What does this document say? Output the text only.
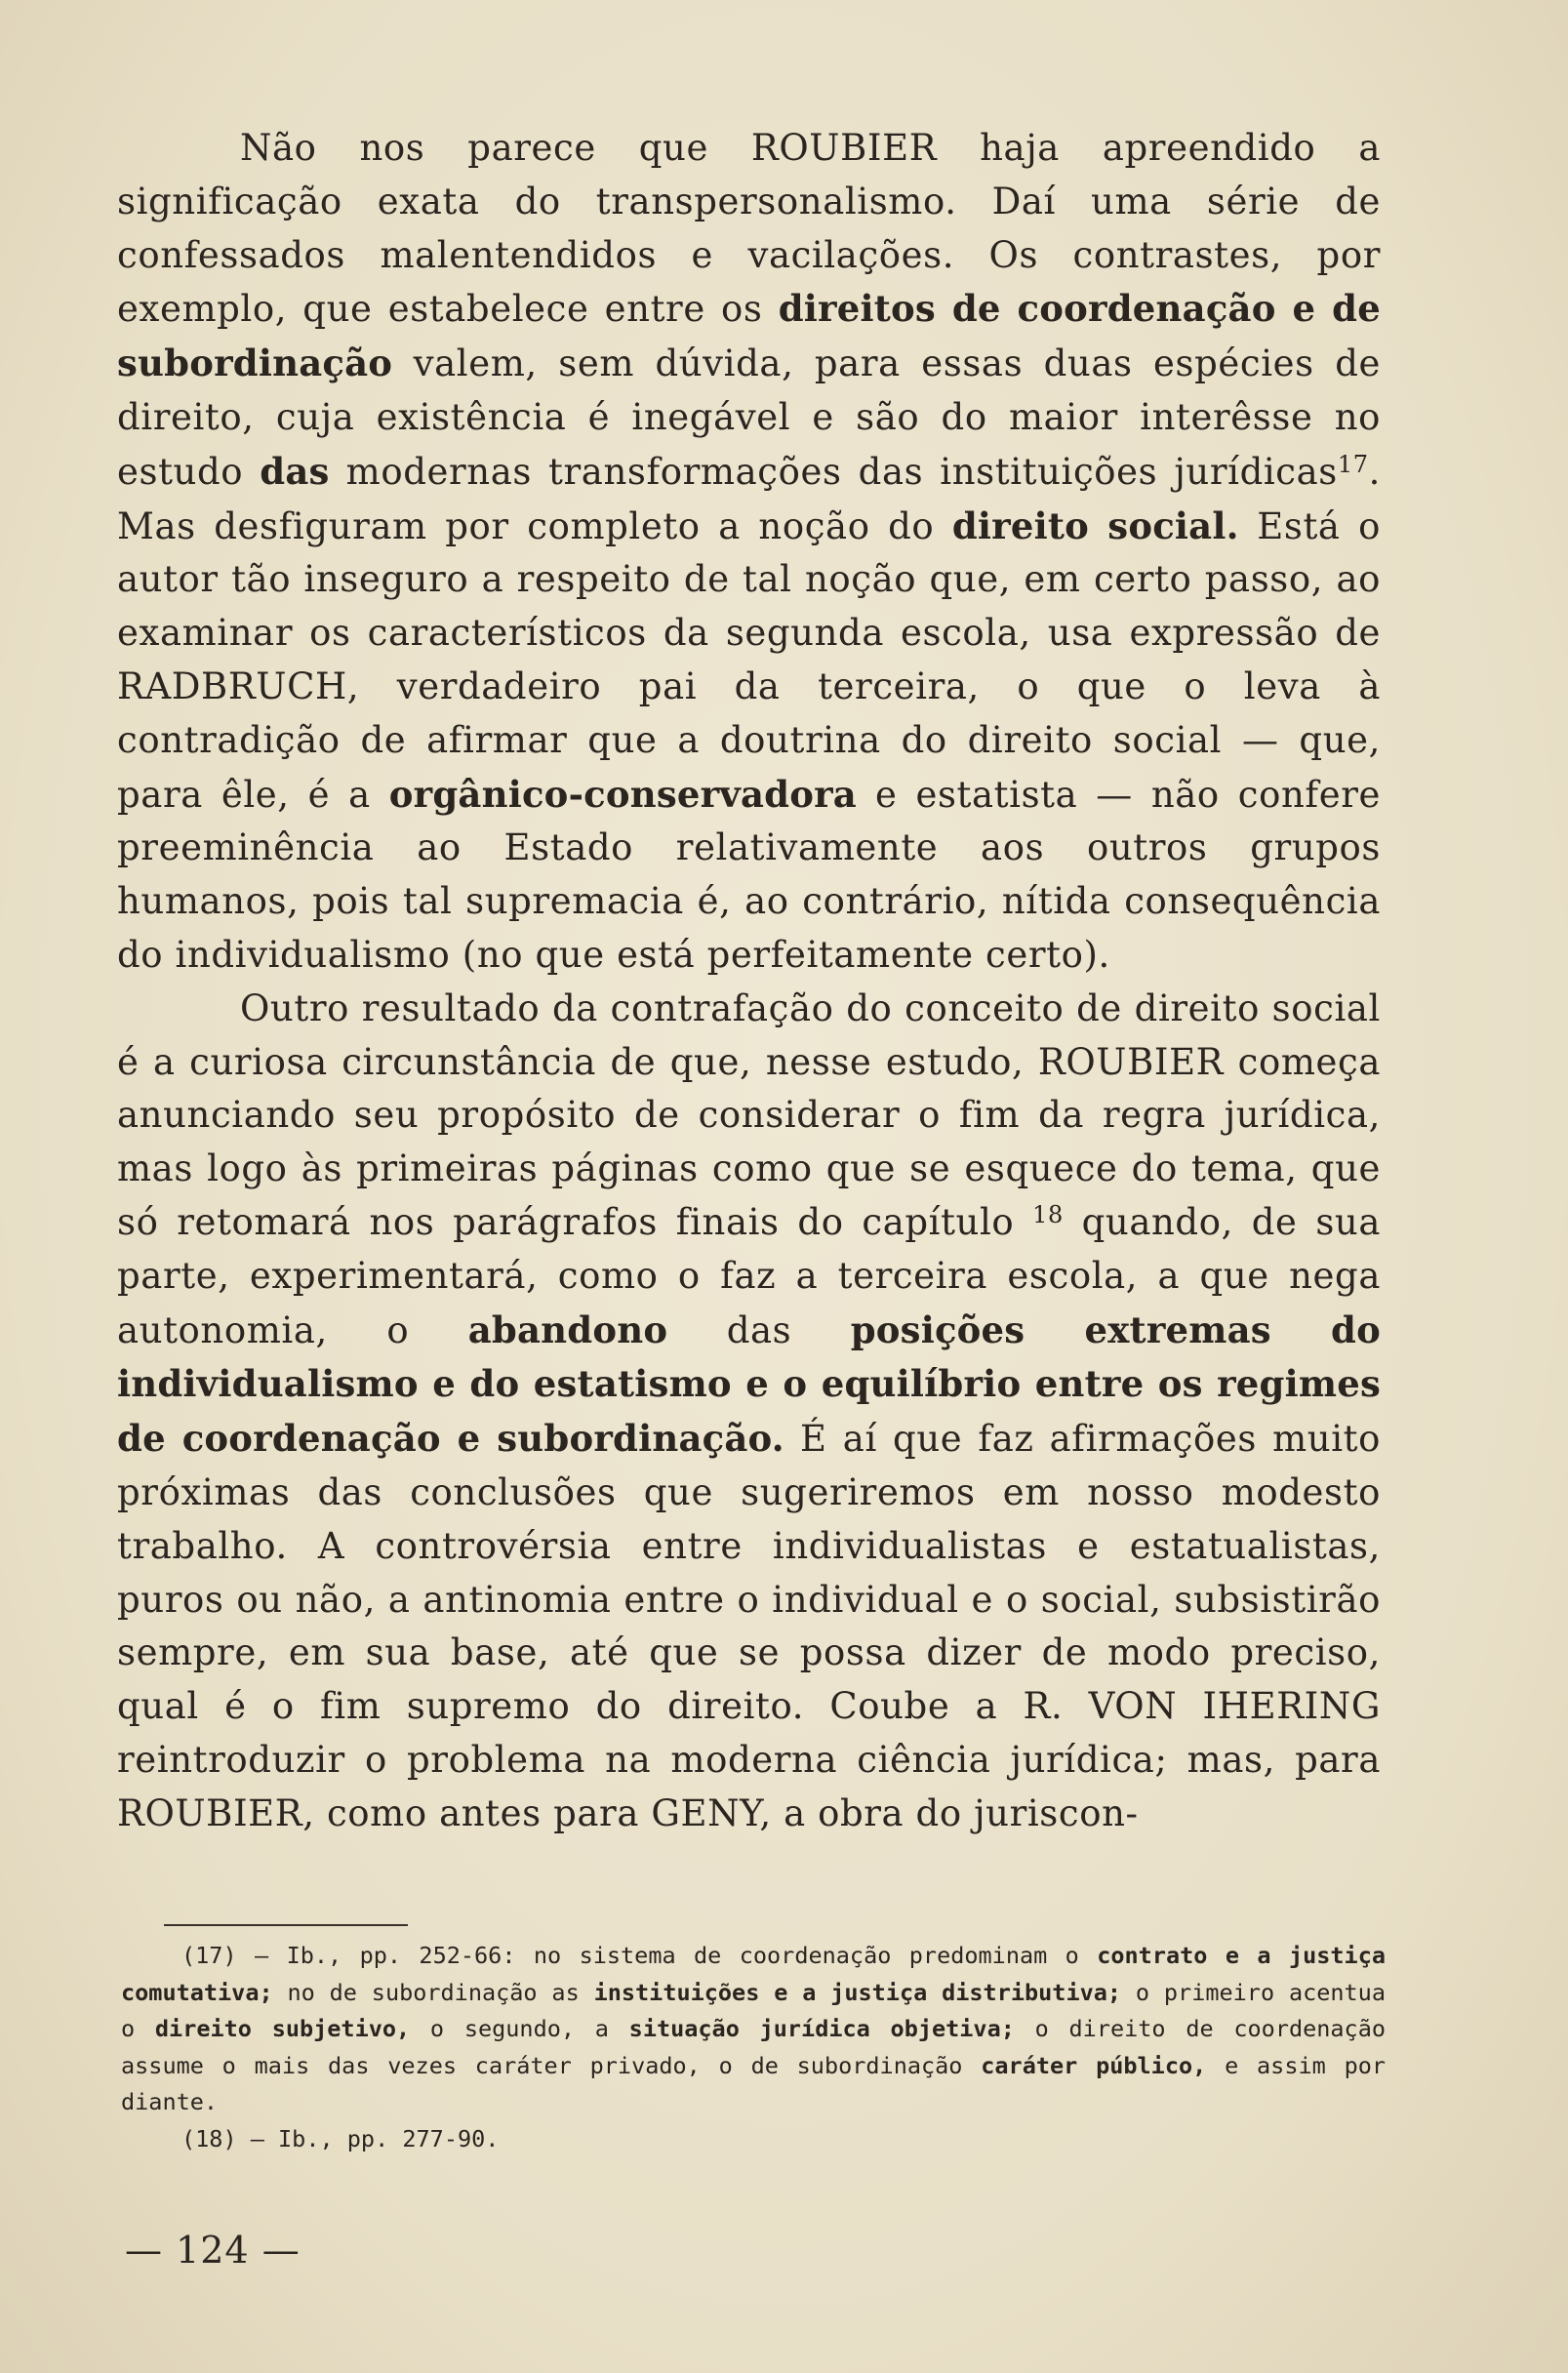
Não nos parece que ROUBIER haja apreendido a significação exata do transpersonalismo. Daí uma série de confessados malentendidos e vacilações. Os contrastes, por exemplo, que estabelece entre os direitos de coordenação e de subordinação valem, sem dúvida, para essas duas espécies de direito, cuja existência é inegável e são do maior interêsse no estudo das modernas transformações das instituições jurídicas$^{17}$. Mas desfiguram por completo a noção do direito social. Está o autor tão inseguro a respeito de tal noção que, em certo passo, ao examinar os característicos da segunda escola, usa expressão de RADBRUCH, verdadeiro pai da terceira, o que o leva à contradição de afirmar que a doutrina do direito social — que, para êle, é a orgânico-conservadora e estatista — não confere preeminência ao Estado relativamente aos outros grupos humanos, pois tal supremacia é, ao contrário, nítida consequência do individualismo (no que está perfeitamente certo).

Outro resultado da contrafação do conceito de direito social é a curiosa circunstância de que, nesse estudo, ROUBIER começa anunciando seu propósito de considerar o fim da regra jurídica, mas logo às primeiras páginas como que se esquece do tema, que só retomará nos parágrafos finais do capítulo $^{18}$ quando, de sua parte, experimentará, como o faz a terceira escola, a que nega autonomia, o abandono das posições extremas do individualismo e do estatismo e o equilíbrio entre os regimes de coordenação e subordinação. É aí que faz afirmações muito próximas das conclusões que sugeriremos em nosso modesto trabalho. A controvérsia entre individualistas e estatualistas, puros ou não, a antinomia entre o individual e o social, subsistirão sempre, em sua base, até que se possa dizer de modo preciso, qual é o fim supremo do direito. Coube a R. VON IHERING reintroduzir o problema na moderna ciência jurídica; mas, para ROUBIER, como antes para GENY, a obra do juriscon-

(17) — Ib., pp. 252-66: no sistema de coordenação predominam o contrato e a justiça comutativa; no de subordinação as instituições e a justiça distributiva; o primeiro acentua o direito subjetivo, o segundo, a situação jurídica objetiva; o direito de coordenação assume o mais das vezes caráter privado, o de subordinação caráter público, e assim por diante.

(18) — Ib., pp. 277-90.

— 124 —
